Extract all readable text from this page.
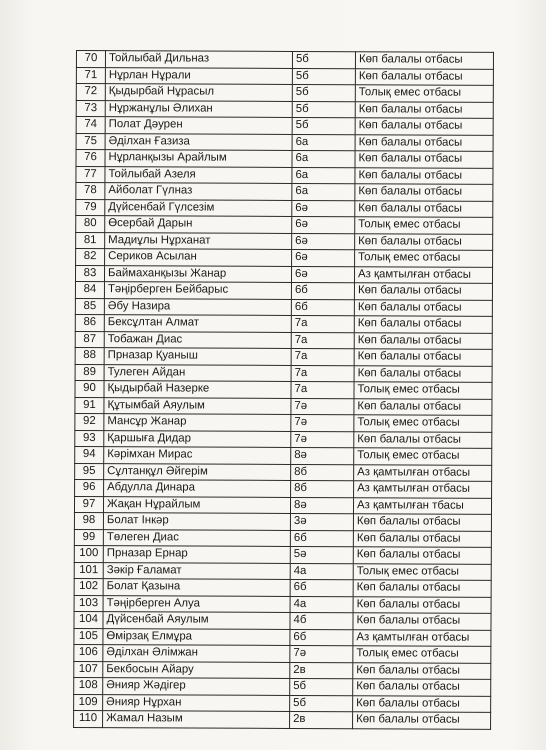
70	Тойлыбай Дильназ	5б	Көп балалы отбасы
71	Нұрлан Нұрали	5б	Көп балалы отбасы
72	Қыдырбай Нұрасыл	5б	Толық емес отбасы
73	Нұржанұлы Әлихан	5б	Көп балалы отбасы
74	Полат Дәурен	5б	Көп балалы отбасы
75	Әділхан Ғазиза	6а	Көп балалы отбасы
76	Нұрланқызы Арайлым	6а	Көп балалы отбасы
77	Тойлыбай Азеля	6а	Көп балалы отбасы
78	Айболат Гүлназ	6а	Көп балалы отбасы
79	Дүйсенбай Гүлсезім	6ә	Көп балалы отбасы
80	Өсербай Дарын	6ә	Толық емес отбасы
81	Мадиұлы Нұрханат	6ә	Көп балалы отбасы
82	Сериков Асылан	6ә	Толық емес отбасы
83	Баймаханқызы Жанар	6ә	Аз қамтылған отбасы
84	Тәңірберген Бейбарыс	6б	Көп балалы отбасы
85	Әбу Назира	6б	Көп балалы отбасы
86	Бексұлтан Алмат	7а	Көп балалы отбасы
87	Тобажан Диас	7а	Көп балалы отбасы
88	Прназар Қуаныш	7а	Көп балалы отбасы
89	Тулеген Айдан	7а	Көп балалы отбасы
90	Қыдырбай Назерке	7а	Толық емес отбасы
91	Құтымбай Аяулым	7ә	Көп балалы отбасы
92	Мансұр Жанар	7ә	Толық емес отбасы
93	Қаршыға Дидар	7ә	Көп балалы отбасы
94	Кәрімхан Мирас	8ә	Толық емес отбасы
95	Сұлтанқұл Әйгерім	8б	Аз қамтылған отбасы
96	Абдулла Динара	8б	Аз қамтылған отбасы
97	Жақан Нұрайлым	8ә	Аз қамтылған тбасы
98	Болат Інкәр	3ә	Көп балалы отбасы
99	Төлеген Диас	6б	Көп балалы отбасы
100	Прназар Ернар	5ә	Көп балалы отбасы
101	Зәкір Ғаламат	4а	Толық емес отбасы
102	Болат Қазына	6б	Көп балалы отбасы
103	Тәңірберген Алуа	4а	Көп балалы отбасы
104	Дүйсенбай Аяулым	4б	Көп балалы отбасы
105	Өмірзақ Елмұра	6б	Аз қамтылған отбасы
106	Әділхан Әлімжан	7ә	Толық емес отбасы
107	Бекбосын Айару	2в	Көп балалы отбасы
108	Әнияр Жәдігер	5б	Көп балалы отбасы
109	Әнияр Нұрхан	5б	Көп балалы отбасы
110	Жамал Назым	2в	Көп балалы отбасы
